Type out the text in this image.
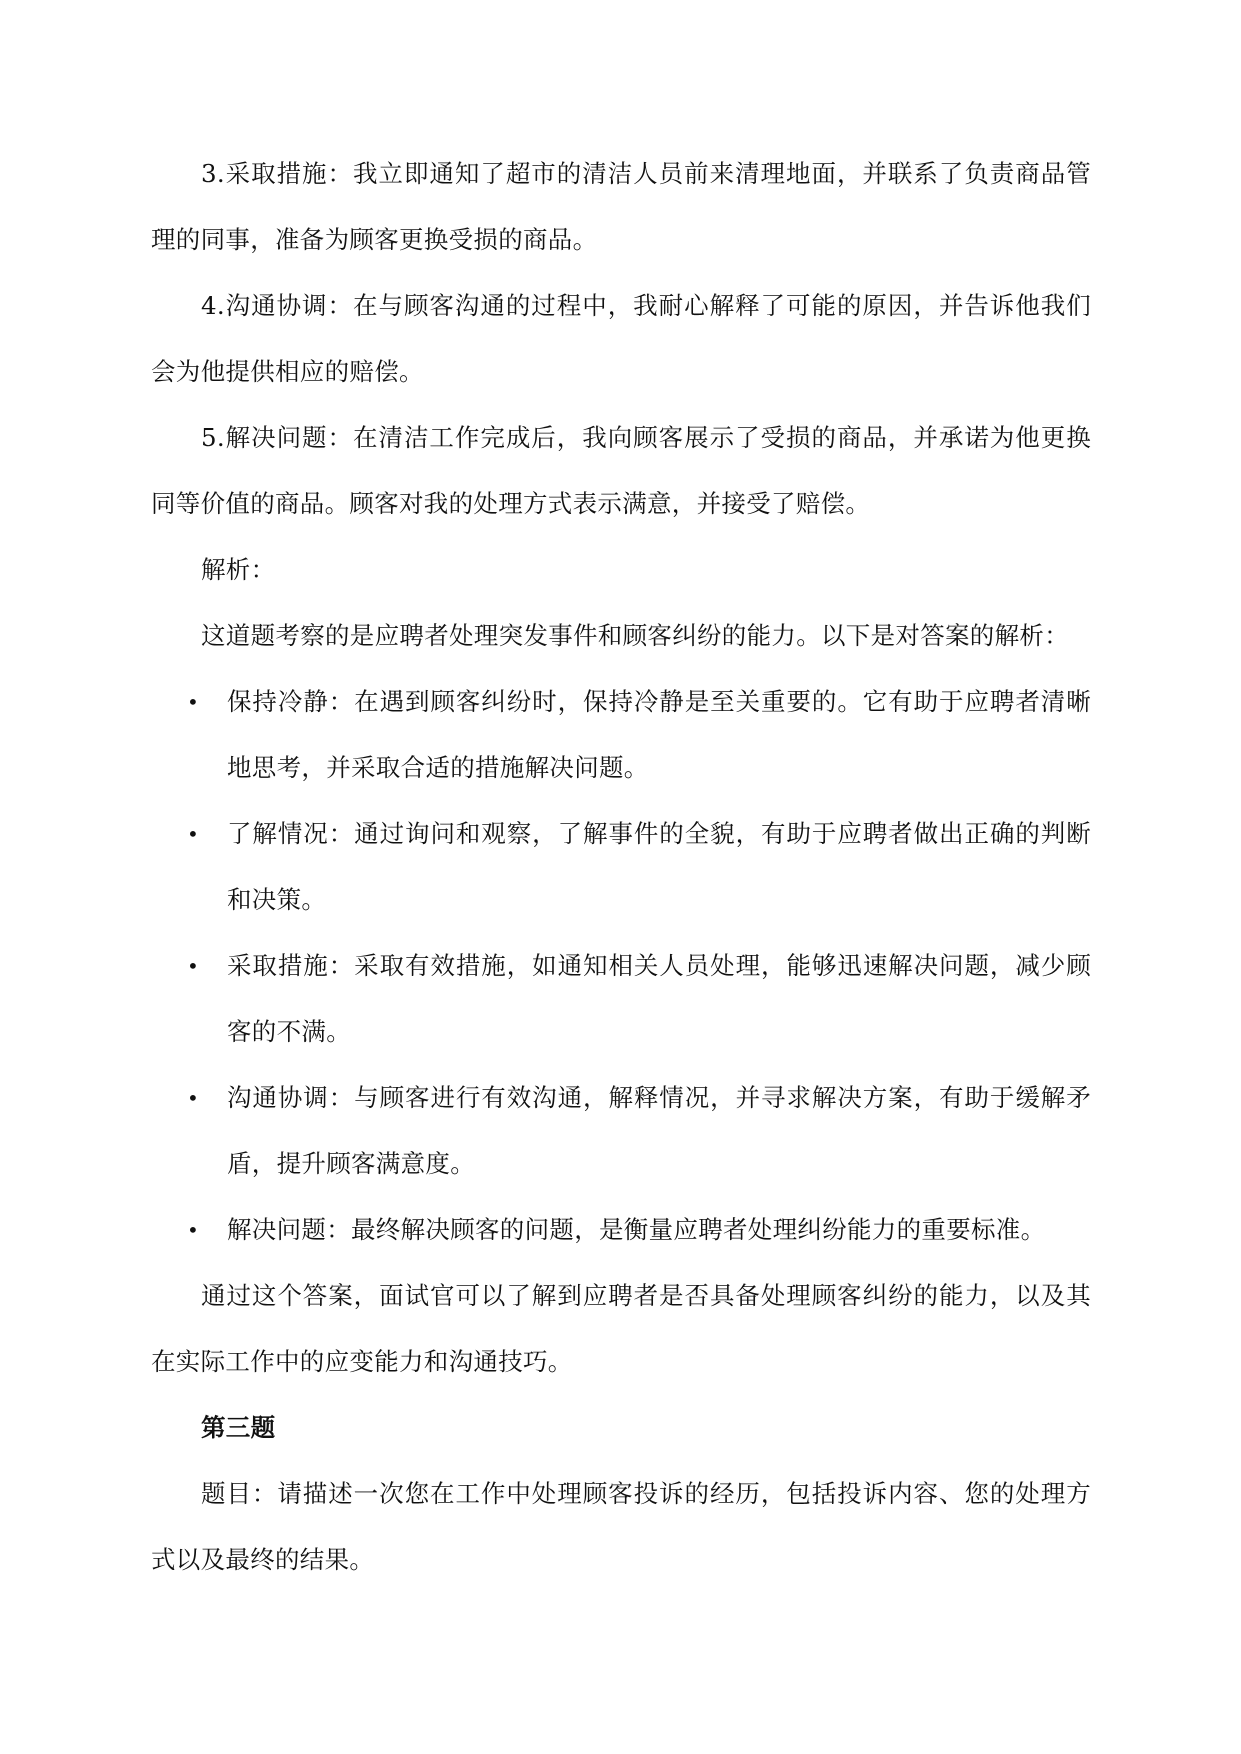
3.采取措施：我立即通知了超市的清洁人员前来清理地面，并联系了负责商品管理的同事，准备为顾客更换受损的商品。

4.沟通协调：在与顾客沟通的过程中，我耐心解释了可能的原因，并告诉他我们会为他提供相应的赔偿。

5.解决问题：在清洁工作完成后，我向顾客展示了受损的商品，并承诺为他更换同等价值的商品。顾客对我的处理方式表示满意，并接受了赔偿。

解析：

这道题考察的是应聘者处理突发事件和顾客纠纷的能力。以下是对答案的解析：

• 保持冷静：在遇到顾客纠纷时，保持冷静是至关重要的。它有助于应聘者清晰地思考，并采取合适的措施解决问题。
• 了解情况：通过询问和观察，了解事件的全貌，有助于应聘者做出正确的判断和决策。
• 采取措施：采取有效措施，如通知相关人员处理，能够迅速解决问题，减少顾客的不满。
• 沟通协调：与顾客进行有效沟通，解释情况，并寻求解决方案，有助于缓解矛盾，提升顾客满意度。
• 解决问题：最终解决顾客的问题，是衡量应聘者处理纠纷能力的重要标准。

通过这个答案，面试官可以了解到应聘者是否具备处理顾客纠纷的能力，以及其在实际工作中的应变能力和沟通技巧。

第三题

题目：请描述一次您在工作中处理顾客投诉的经历，包括投诉内容、您的处理方式以及最终的结果。
